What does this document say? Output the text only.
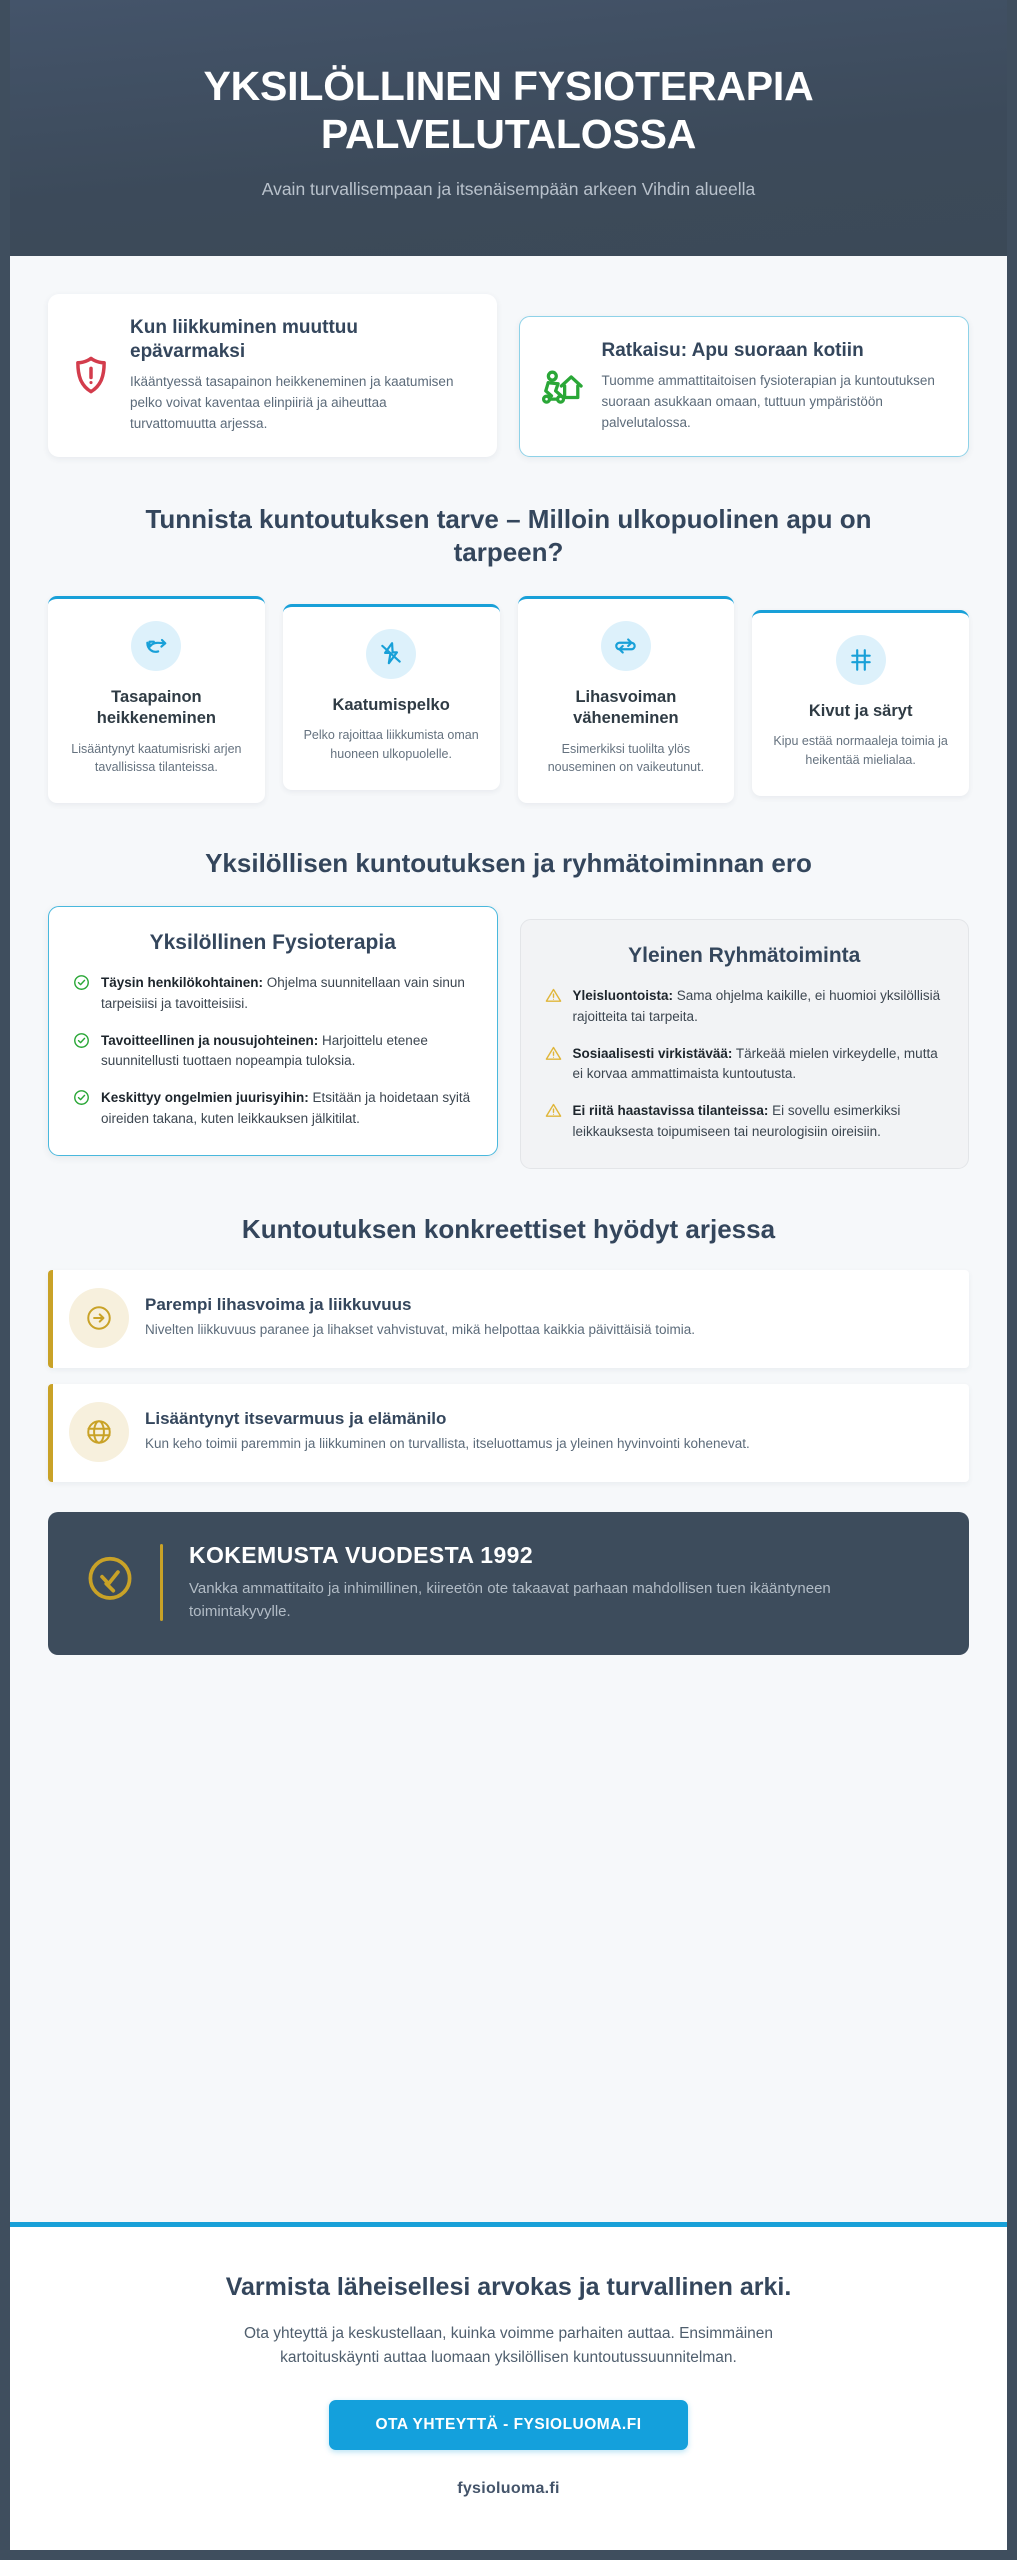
YKSILÖLLINEN FYSIOTERAPIA PALVELUTALOSSA
Avain turvallisempaan ja itsenäisempään arkeen Vihdin alueella
Kun liikkuminen muuttuu epävarmaksi
Ikääntyessä tasapainon heikkeneminen ja kaatumisen pelko voivat kaventaa elinpiiriä ja aiheuttaa turvattomuutta arjessa.
Ratkaisu: Apu suoraan kotiin
Tuomme ammattitaitoisen fysioterapian ja kuntoutuksen suoraan asukkaan omaan, tuttuun ympäristöön palvelutalossa.
Tunnista kuntoutuksen tarve – Milloin ulkopuolinen apu on tarpeen?
Tasapainon heikkeneminen
Lisääntynyt kaatumisriski arjen tavallisissa tilanteissa.
Kaatumispelko
Pelko rajoittaa liikkumista oman huoneen ulkopuolelle.
Lihasvoiman väheneminen
Esimerkiksi tuolilta ylös nouseminen on vaikeutunut.
Kivut ja säryt
Kipu estää normaaleja toimia ja heikentää mielialaa.
Yksilöllisen kuntoutuksen ja ryhmätoiminnan ero
Yksilöllinen Fysioterapia
Täysin henkilökohtainen: Ohjelma suunnitellaan vain sinun tarpeisiisi ja tavoitteisiisi.
Tavoitteellinen ja nousujohteinen: Harjoittelu etenee suunnitellusti tuottaen nopeampia tuloksia.
Keskittyy ongelmien juurisyihin: Etsitään ja hoidetaan syitä oireiden takana, kuten leikkauksen jälkitilat.
Yleinen Ryhmätoiminta
Yleisluontoista: Sama ohjelma kaikille, ei huomioi yksilöllisiä rajoitteita tai tarpeita.
Sosiaalisesti virkistävää: Tärkeää mielen virkeydelle, mutta ei korvaa ammattimaista kuntoutusta.
Ei riitä haastavissa tilanteissa: Ei sovellu esimerkiksi leikkauksesta toipumiseen tai neurologisiin oireisiin.
Kuntoutuksen konkreettiset hyödyt arjessa
Parempi lihasvoima ja liikkuvuus
Nivelten liikkuvuus paranee ja lihakset vahvistuvat, mikä helpottaa kaikkia päivittäisiä toimia.
Lisääntynyt itsevarmuus ja elämänilo
Kun keho toimii paremmin ja liikkuminen on turvallista, itseluottamus ja yleinen hyvinvointi kohenevat.
KOKEMUSTA VUODESTA 1992
Vankka ammattitaito ja inhimillinen, kiireetön ote takaavat parhaan mahdollisen tuen ikääntyneen toimintakyvylle.
Varmista läheisellesi arvokas ja turvallinen arki.

Ota yhteyttä ja keskustellaan, kuinka voimme parhaiten auttaa. Ensimmäinen kartoituskäynti auttaa luomaan yksilöllisen kuntoutussuunnitelman.

OTA YHTEYTTÄ - FYSIOLUOMA.FI
fysioluoma.fi
